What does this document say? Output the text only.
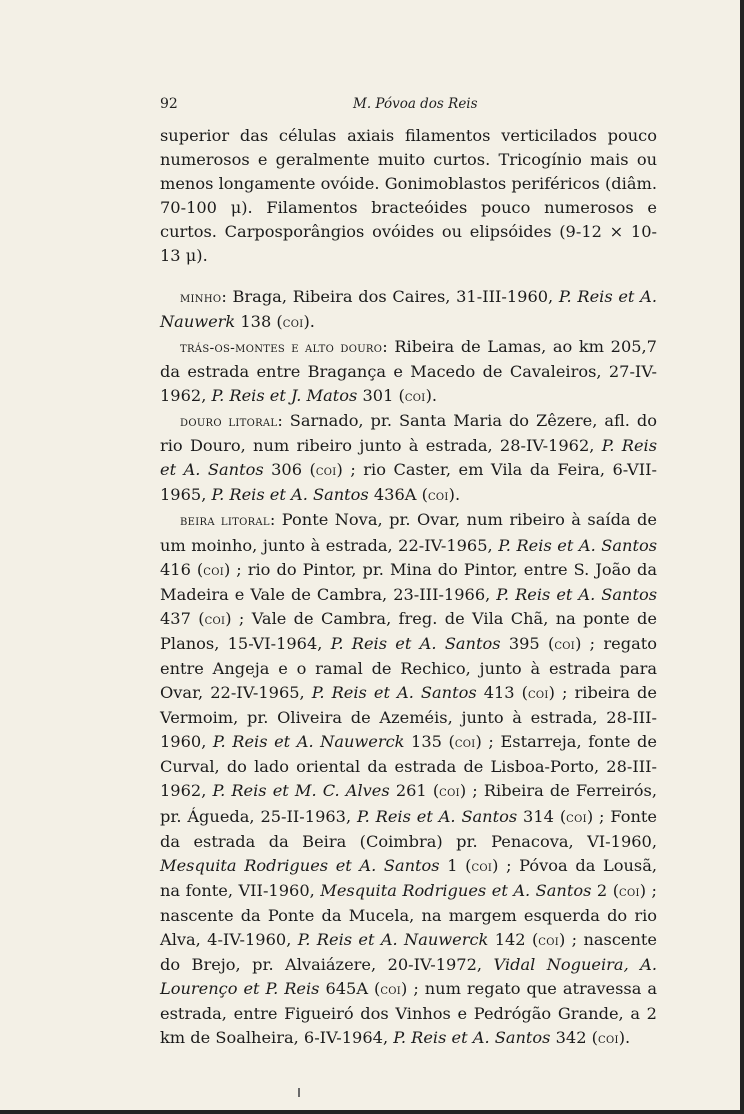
92	M. Póvoa dos Reis

superior das células axiais filamentos verticilados pouco numerosos e geralmente muito curtos. Tricogínio mais ou menos longamente ovóide. Gonimoblastos periféricos (diâm. 70-100 μ). Filamentos bracteóides pouco numerosos e curtos. Carposporângios ovóides ou elipsóides (9-12 × 10-13 μ).

minho: Braga, Ribeira dos Caires, 31-III-1960, P. Reis et A. Nauwerk 138 (coi).

trás-os-montes e alto douro: Ribeira de Lamas, ao km 205,7 da estrada entre Bragança e Macedo de Cavaleiros, 27-IV-1962, P. Reis et J. Matos 301 (coi).

douro litoral: Sarnado, pr. Santa Maria do Zêzere, afl. do rio Douro, num ribeiro junto à estrada, 28-IV-1962, P. Reis et A. Santos 306 (coi) ; rio Caster, em Vila da Feira, 6-VII-1965, P. Reis et A. Santos 436A (coi).

beira litoral: Ponte Nova, pr. Ovar, num ribeiro à saída de um moinho, junto à estrada, 22-IV-1965, P. Reis et A. Santos 416 (coi) ; rio do Pintor, pr. Mina do Pintor, entre S. João da Madeira e Vale de Cambra, 23-III-1966, P. Reis et A. Santos 437 (coi) ; Vale de Cambra, freg. de Vila Chã, na ponte de Planos, 15-VI-1964, P. Reis et A. Santos 395 (coi) ; regato entre Angeja e o ramal de Rechico, junto à estrada para Ovar, 22-IV-1965, P. Reis et A. Santos 413 (coi) ; ribeira de Vermoim, pr. Oliveira de Azeméis, junto à estrada, 28-III-1960, P. Reis et A. Nauwerck 135 (coi) ; Estarreja, fonte de Curval, do lado oriental da estrada de Lisboa-Porto, 28-III-1962, P. Reis et M. C. Alves 261 (coi) ; Ribeira de Ferreirós, pr. Águeda, 25-II-1963, P. Reis et A. Santos 314 (coi) ; Fonte da estrada da Beira (Coimbra) pr. Penacova, VI-1960, Mesquita Rodrigues et A. Santos 1 (coi) ; Póvoa da Lousã, na fonte, VII-1960, Mesquita Rodrigues et A. Santos 2 (coi) ; nascente da Ponte da Mucela, na margem esquerda do rio Alva, 4-IV-1960, P. Reis et A. Nauwerck 142 (coi) ; nascente do Brejo, pr. Alvaiázere, 20-IV-1972, Vidal Nogueira, A. Lourenço et P. Reis 645A (coi) ; num regato que atravessa a estrada, entre Figueiró dos Vinhos e Pedrógão Grande, a 2 km de Soalheira, 6-IV-1964, P. Reis et A. Santos 342 (coi).
